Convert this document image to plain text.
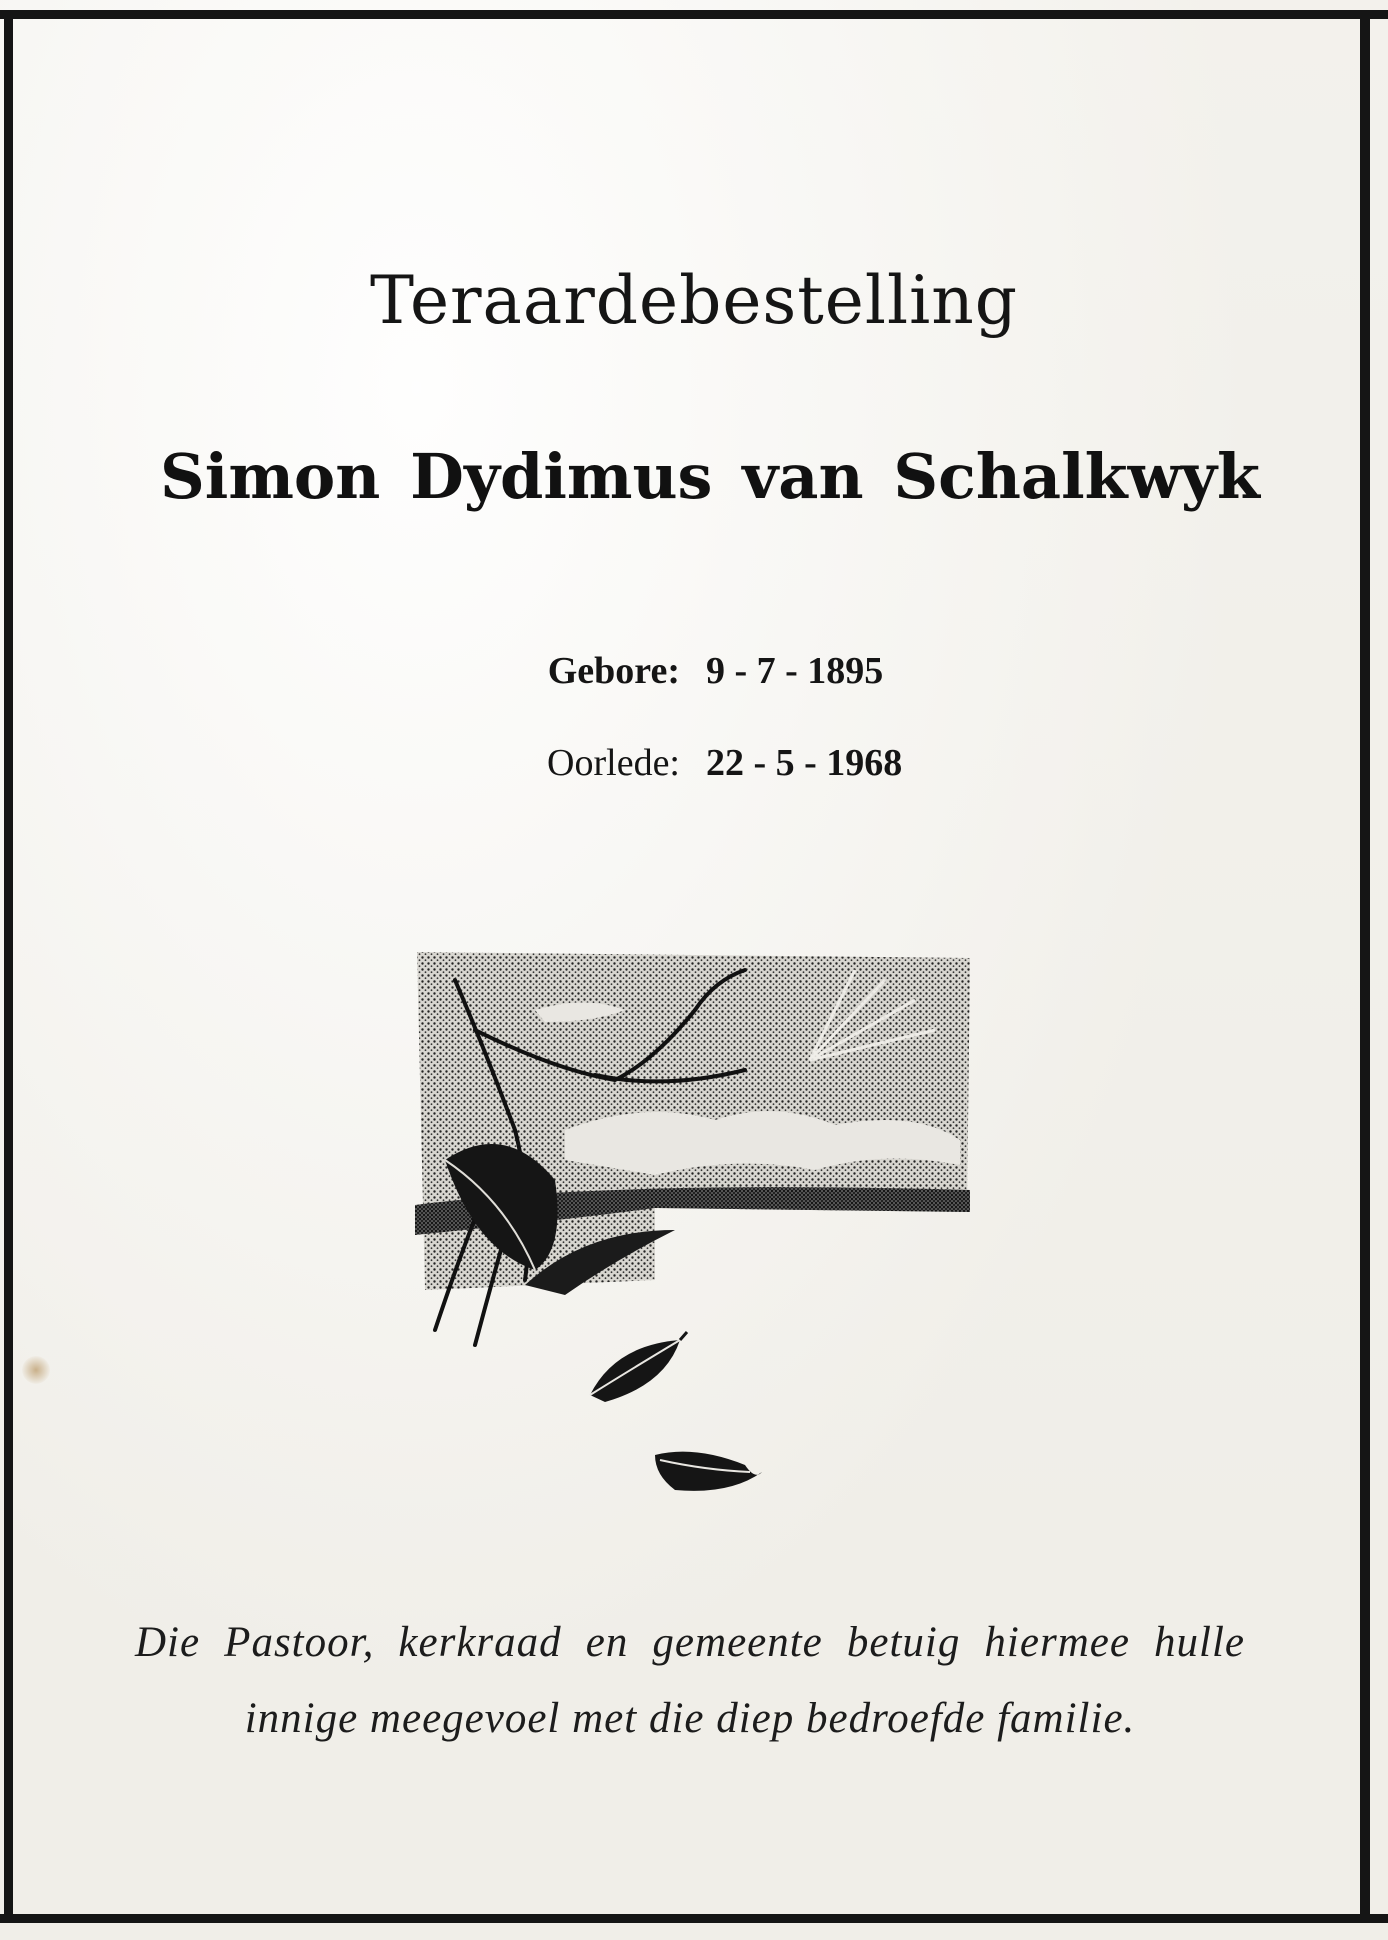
Teraardebestelling
Simon Dydimus van Schalkwyk
Gebore: 9 - 7 - 1895
Oorlede: 22 - 5 - 1968
Die Pastoor, kerkraad en gemeente betuig hiermee hulle innige meegevoel met die diep bedroefde familie.
